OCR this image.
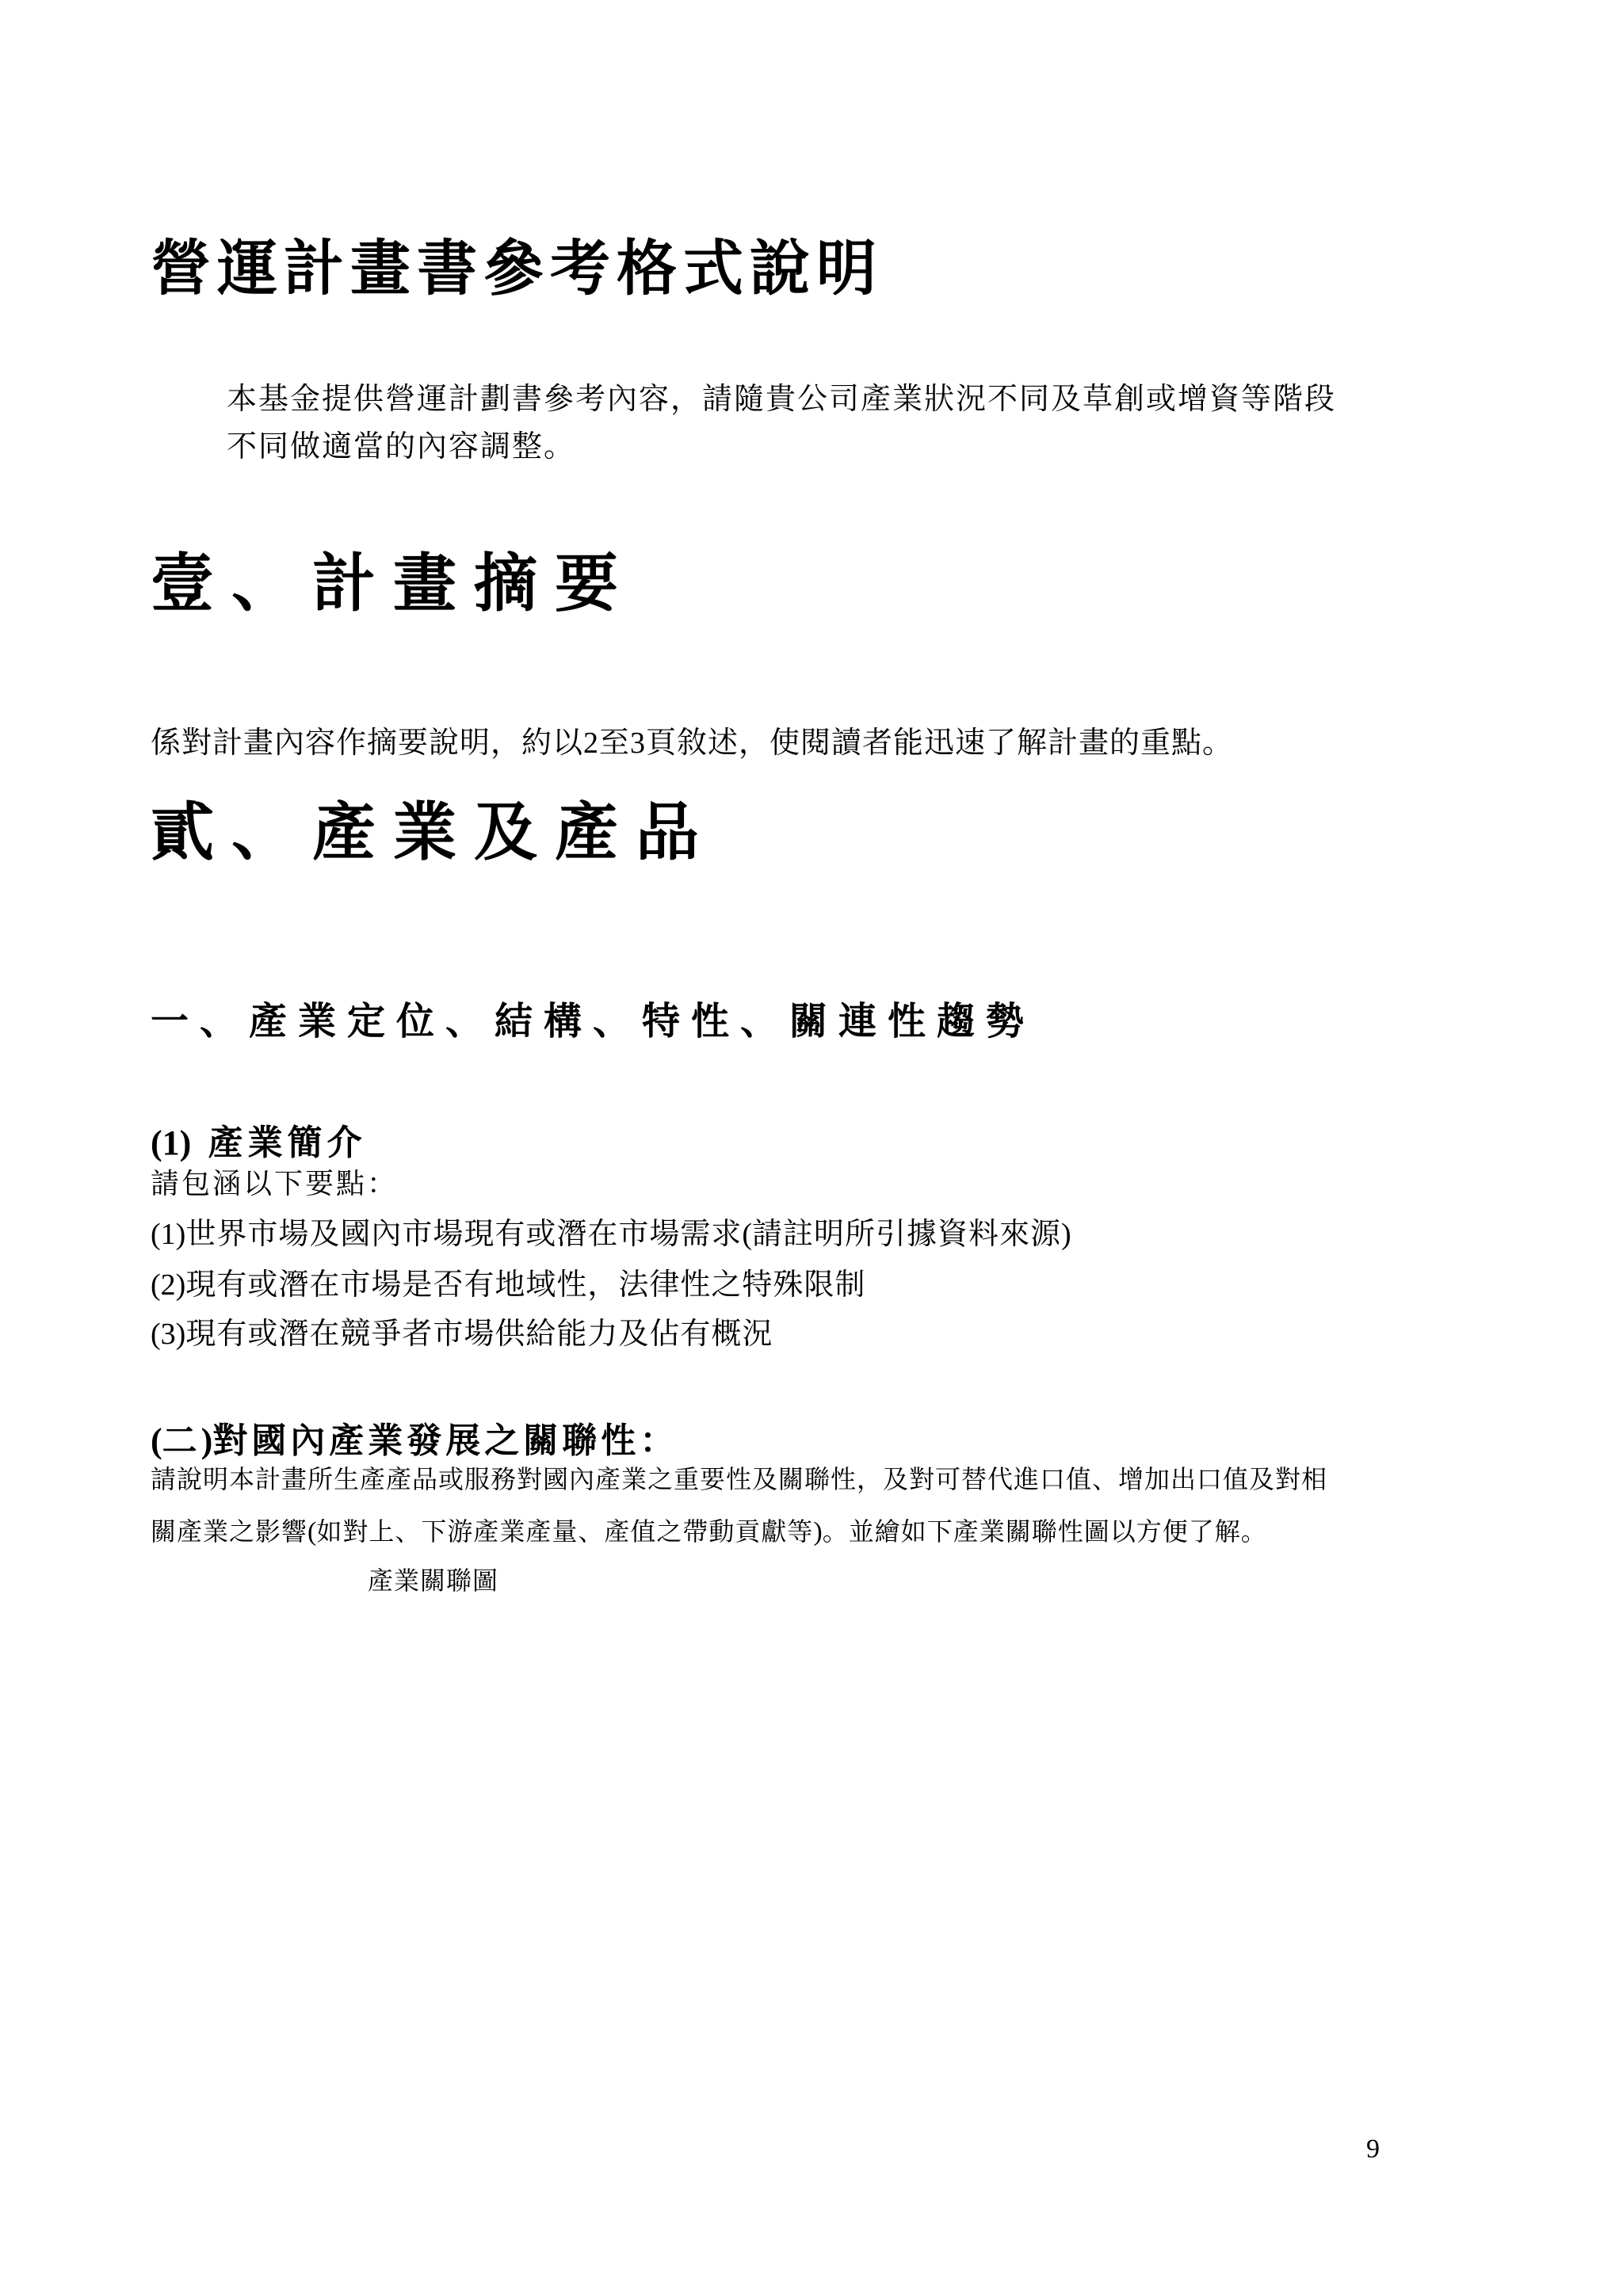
營運計畫書參考格式說明

本基金提供營運計劃書參考內容，請隨貴公司產業狀況不同及草創或增資等階段

不同做適當的內容調整。

壹、計畫摘要

係對計畫內容作摘要說明，約以2至3頁敘述，使閱讀者能迅速了解計畫的重點。

貳、產業及產品
一、產業定位、結構、特性、關連性趨勢

(1) 產業簡介

請包涵以下要點：

(1)世界市場及國內市場現有或潛在市場需求(請註明所引據資料來源)

(2)現有或潛在市場是否有地域性，法律性之特殊限制

(3)現有或潛在競爭者市場供給能力及佔有概況

(二)對國內產業發展之關聯性：

請說明本計畫所生產產品或服務對國內產業之重要性及關聯性，及對可替代進口值、增加出口值及對相

關產業之影響(如對上、下游產業產量、產值之帶動貢獻等)。並繪如下產業關聯性圖以方便了解。

產業關聯圖

9
